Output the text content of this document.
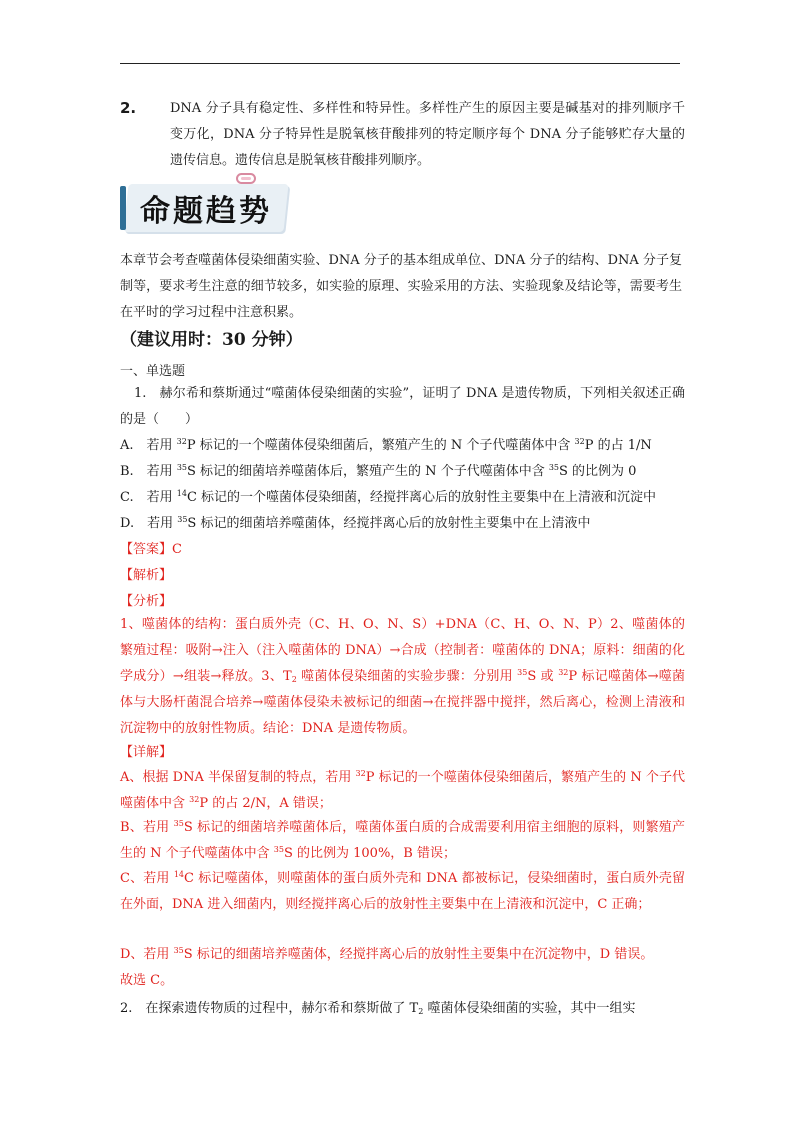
2.	DNA 分子具有稳定性、多样性和特异性。多样性产生的原因主要是碱基对的排列顺序千变万化，DNA 分子特异性是脱氧核苷酸排列的特定顺序每个 DNA 分子能够贮存大量的遗传信息。遗传信息是脱氧核苷酸排列顺序。
命题趋势
本章节会考查噬菌体侵染细菌实验、DNA 分子的基本组成单位、DNA 分子的结构、DNA 分子复制等，要求考生注意的细节较多，如实验的原理、实验采用的方法、实验现象及结论等，需要考生在平时的学习过程中注意积累。
（建议用时：30 分钟）
一、单选题
1.　赫尔希和蔡斯通过“噬菌体侵染细菌的实验”，证明了 DNA 是遗传物质，下列相关叙述正确的是（　　）
A.　若用 $^{32}$P 标记的一个噬菌体侵染细菌后，繁殖产生的 N 个子代噬菌体中含 $^{32}$P 的占 1/N
B.　若用 $^{35}$S 标记的细菌培养噬菌体后，繁殖产生的 N 个子代噬菌体中含 $^{35}$S 的比例为 0
C.　若用 $^{14}$C 标记的一个噬菌体侵染细菌，经搅拌离心后的放射性主要集中在上清液和沉淀中
D.　若用 $^{35}$S 标记的细菌培养噬菌体，经搅拌离心后的放射性主要集中在上清液中
【答案】C
【解析】
【分析】
1、噬菌体的结构：蛋白质外壳（C、H、O、N、S）+DNA（C、H、O、N、P）2、噬菌体的繁殖过程：吸附→注入（注入噬菌体的 DNA）→合成（控制者：噬菌体的 DNA；原料：细菌的化学成分）→组装→释放。3、$T_2$ 噬菌体侵染细菌的实验步骤：分别用 $^{35}$S 或 $^{32}$P 标记噬菌体→噬菌体与大肠杆菌混合培养→噬菌体侵染未被标记的细菌→在搅拌器中搅拌，然后离心，检测上清液和沉淀物中的放射性物质。结论：DNA 是遗传物质。
【详解】
A、根据 DNA 半保留复制的特点，若用 $^{32}$P 标记的一个噬菌体侵染细菌后，繁殖产生的 N 个子代噬菌体中含 $^{32}$P 的占 2/N，A 错误；
B、若用 $^{35}$S 标记的细菌培养噬菌体后，噬菌体蛋白质的合成需要利用宿主细胞的原料，则繁殖产生的 N 个子代噬菌体中含 $^{35}$S 的比例为 100%，B 错误；
C、若用 $^{14}$C 标记噬菌体，则噬菌体的蛋白质外壳和 DNA 都被标记，侵染细菌时，蛋白质外壳留在外面，DNA 进入细菌内，则经搅拌离心后的放射性主要集中在上清液和沉淀中，C 正确；
D、若用 $^{35}$S 标记的细菌培养噬菌体，经搅拌离心后的放射性主要集中在沉淀物中，D 错误。
故选 C。
2.　在探索遗传物质的过程中，赫尔希和蔡斯做了 $T_2$ 噬菌体侵染细菌的实验，其中一组实
